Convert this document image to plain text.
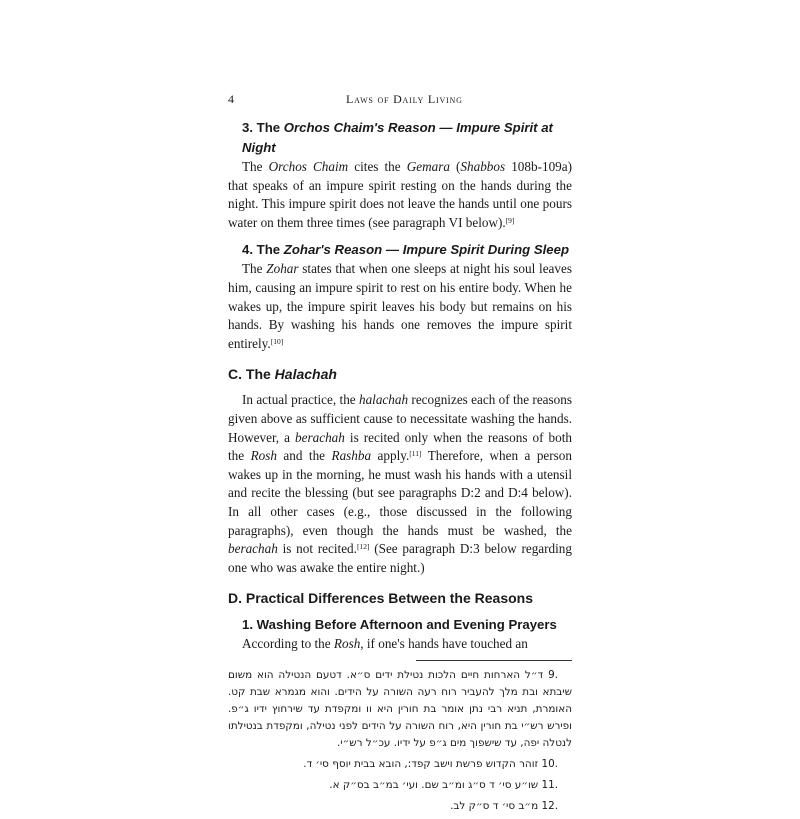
4	Laws of Daily Living
3. The Orchos Chaim's Reason — Impure Spirit at Night

The Orchos Chaim cites the Gemara (Shabbos 108b-109a) that speaks of an impure spirit resting on the hands during the night. This impure spirit does not leave the hands until one pours water on them three times (see paragraph VI below).[9]

4. The Zohar's Reason — Impure Spirit During Sleep

The Zohar states that when one sleeps at night his soul leaves him, causing an impure spirit to rest on his entire body. When he wakes up, the impure spirit leaves his body but remains on his hands. By washing his hands one removes the impure spirit entirely.[10]

C. The Halachah

In actual practice, the halachah recognizes each of the reasons given above as sufficient cause to necessitate washing the hands. However, a berachah is recited only when the reasons of both the Rosh and the Rashba apply.[11] Therefore, when a person wakes up in the morning, he must wash his hands with a utensil and recite the blessing (but see paragraphs D:2 and D:4 below). In all other cases (e.g., those discussed in the following paragraphs), even though the hands must be washed, the berachah is not recited.[12] (See paragraph D:3 below regarding one who was awake the entire night.)

D. Practical Differences Between the Reasons
1. Washing Before Afternoon and Evening Prayers

According to the Rosh, if one's hands have touched an

9. ד״ל הארחות חיים הלכות נטילת ידים ס״א. דטעם הנטילה הוא משום שיבתא ובת מלך להעביר רוח רעה השורה על הידים. והוא מגמרא שבת קט. האומרת, תניא רבי נתן אומר בת חורין היא וו ומקפדת עד שירחוץ ידיו ג״פ. ופירש רש״י בת חורין היא, רוח השורה על הידים לפני נטילה, ומקפדת בנטילתו לנטלה יפה, עד שישפוך מים ג״פ על ידיו. עכ״ל רש״י.

10. זוהר הקדוש פרשת וישב קפד:, הובא בבית יוסף סי׳ ד.

11. שו״ע סי׳ ד ס״ג ומ״ב שם. ועי׳ במ״ב בס״ק א.

12. מ״ב סי׳ ד ס״ק לב.
